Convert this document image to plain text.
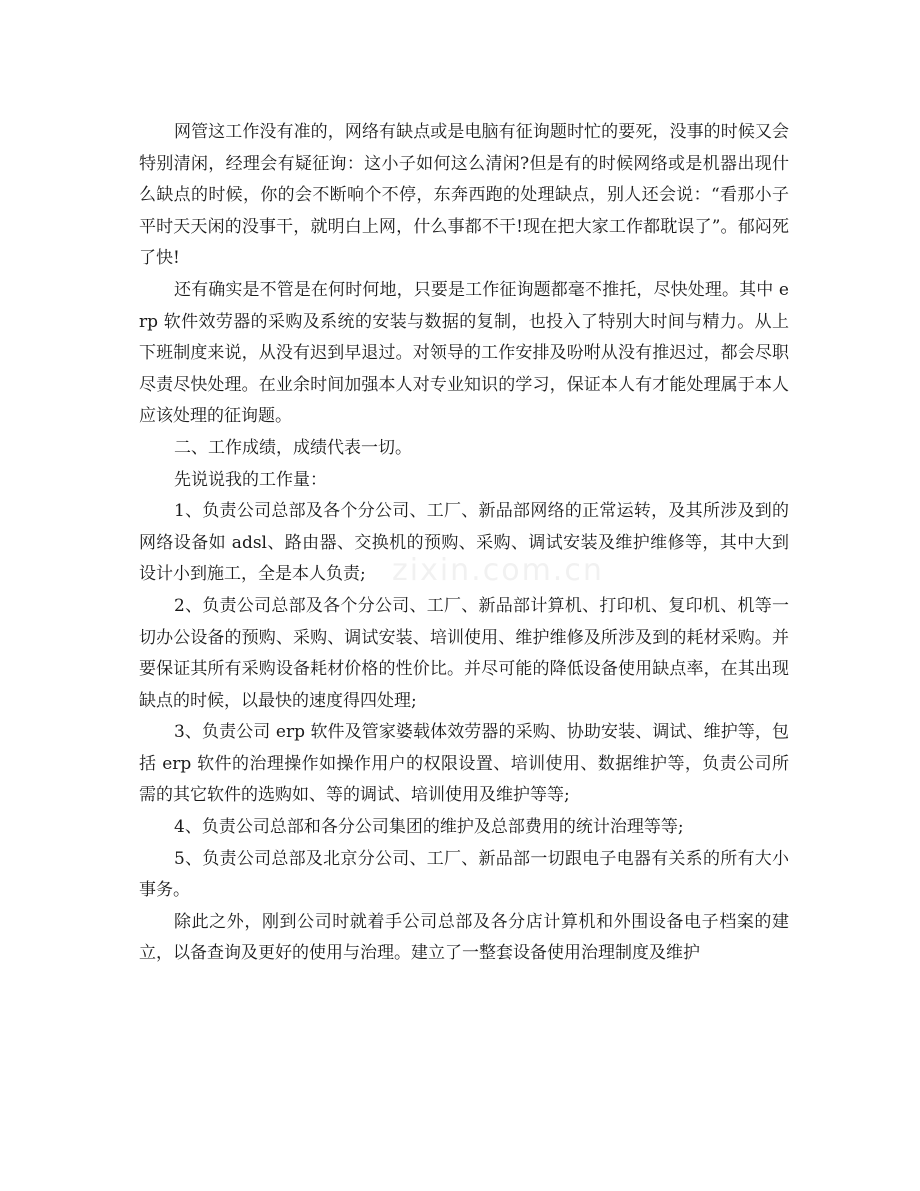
网管这工作没有准的，网络有缺点或是电脑有征询题时忙的要死，没事的时候又会特别清闲，经理会有疑征询：这小子如何这么清闲?但是有的时候网络或是机器出现什么缺点的时候，你的会不断响个不停，东奔西跑的处理缺点，别人还会说：“看那小子平时天天闲的没事干，就明白上网，什么事都不干!现在把大家工作都耽误了”。郁闷死了快!

还有确实是不管是在何时何地，只要是工作征询题都毫不推托，尽快处理。其中 erp 软件效劳器的采购及系统的安装与数据的复制，也投入了特别大时间与精力。从上下班制度来说，从没有迟到早退过。对领导的工作安排及吩咐从没有推迟过，都会尽职尽责尽快处理。在业余时间加强本人对专业知识的学习，保证本人有才能处理属于本人应该处理的征询题。

二、工作成绩，成绩代表一切。

先说说我的工作量：

1、负责公司总部及各个分公司、工厂、新品部网络的正常运转，及其所涉及到的网络设备如 adsl、路由器、交换机的预购、采购、调试安装及维护维修等，其中大到设计小到施工，全是本人负责;

2、负责公司总部及各个分公司、工厂、新品部计算机、打印机、复印机、机等一切办公设备的预购、采购、调试安装、培训使用、维护维修及所涉及到的耗材采购。并要保证其所有采购设备耗材价格的性价比。并尽可能的降低设备使用缺点率，在其出现缺点的时候，以最快的速度得四处理;

3、负责公司 erp 软件及管家婆载体效劳器的采购、协助安装、调试、维护等，包括 erp 软件的治理操作如操作用户的权限设置、培训使用、数据维护等，负责公司所需的其它软件的选购如、等的调试、培训使用及维护等等;

4、负责公司总部和各分公司集团的维护及总部费用的统计治理等等;

5、负责公司总部及北京分公司、工厂、新品部一切跟电子电器有关系的所有大小事务。

除此之外，刚到公司时就着手公司总部及各分店计算机和外围设备电子档案的建立，以备查询及更好的使用与治理。建立了一整套设备使用治理制度及维护

zixin.com.cn
